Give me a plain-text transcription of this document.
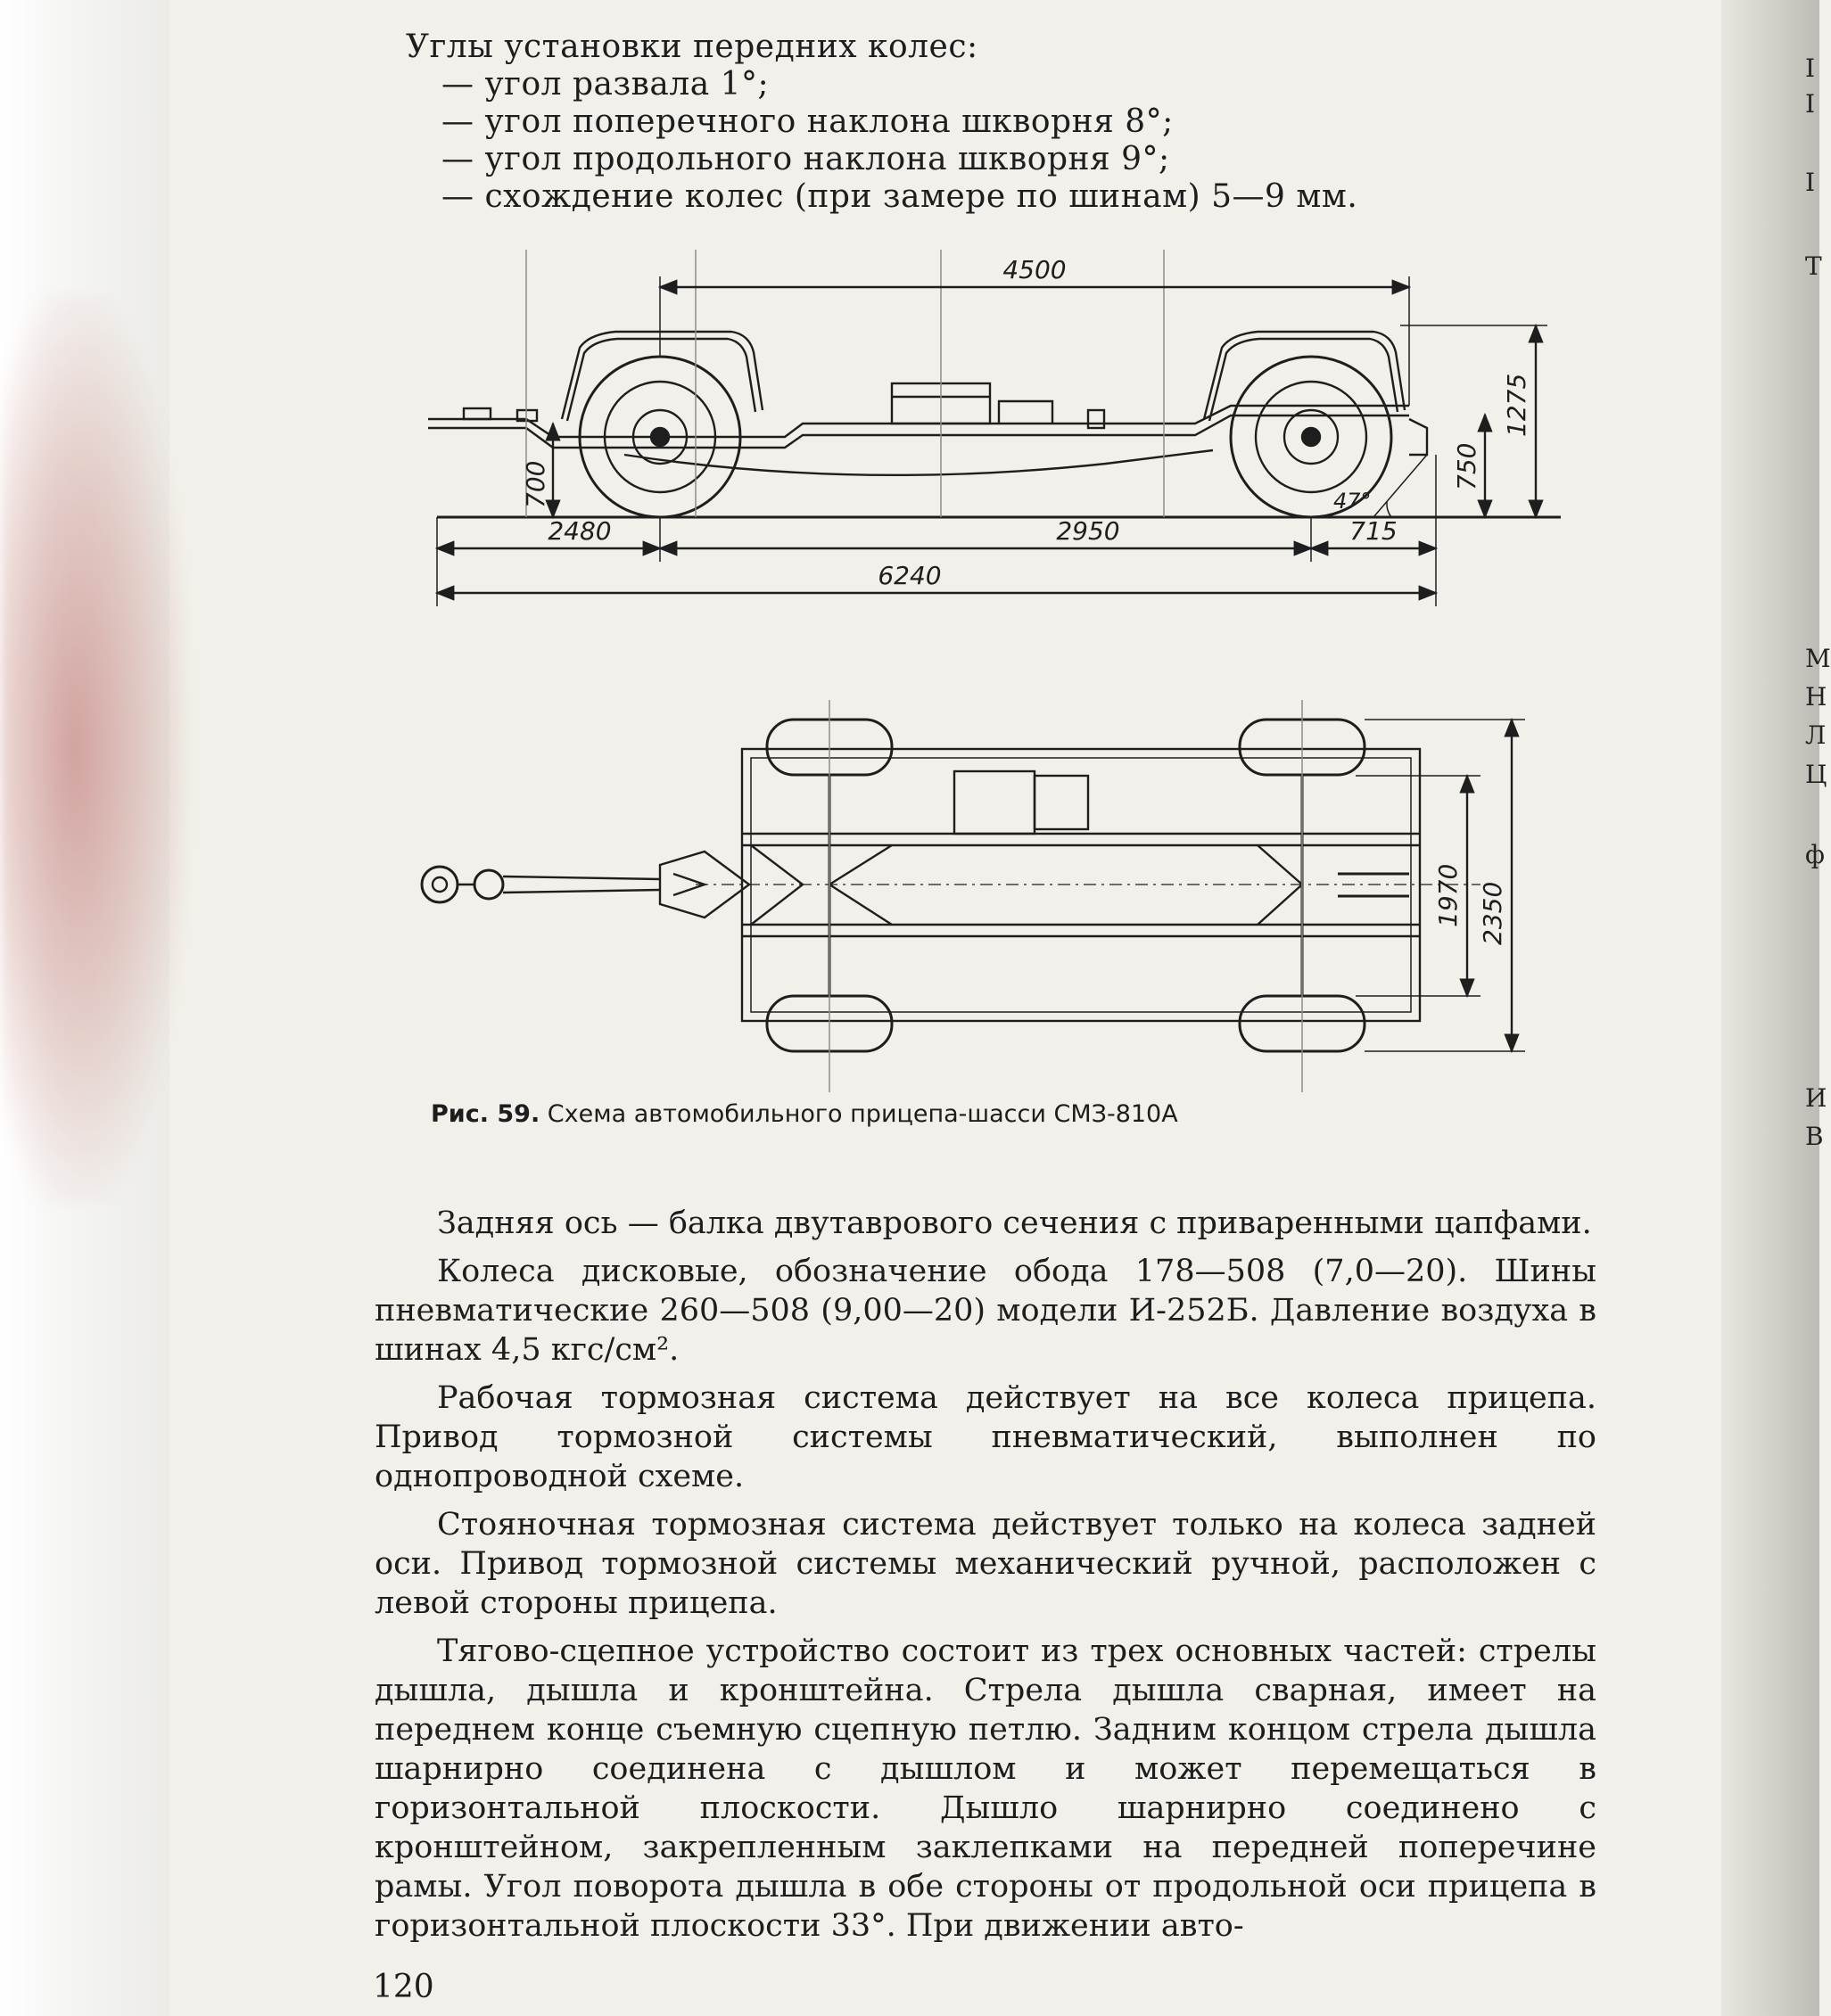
I
I
I
T
M
H
Л
Ц
ф
И
В
Углы установки передних колес:
— угол развала 1°;
— угол поперечного наклона шкворня 8°;
— угол продольного наклона шкворня 9°;
— схождение колес (при замере по шинам) 5—9 мм.
4500
1275
750
700	47°
2480	2950	715
6240
1970 2350
Рис. 59. Схема автомобильного прицепа-шасси СМЗ-810А

Задняя ось — балка двутаврового сечения с приваренными цапфами.

Колеса дисковые, обозначение обода 178—508 (7,0—20). Шины пневматические 260—508 (9,00—20) модели И-252Б. Давление воздуха в шинах 4,5 кгс/см².

Рабочая тормозная система действует на все колеса прицепа. Привод тормозной системы пневматический, выполнен по однопроводной схеме.

Стояночная тормозная система действует только на колеса задней оси. Привод тормозной системы механический ручной, расположен с левой стороны прицепа.

Тягово-сцепное устройство состоит из трех основных частей: стрелы дышла, дышла и кронштейна. Стрела дышла сварная, имеет на переднем конце съемную сцепную петлю. Задним концом стрела дышла шарнирно соединена с дышлом и может перемещаться в горизонтальной плоскости. Дышло шарнирно соединено с кронштейном, закрепленным заклепками на передней поперечине рамы. Угол поворота дышла в обе стороны от продольной оси прицепа в горизонтальной плоскости 33°. При движении авто-

120
